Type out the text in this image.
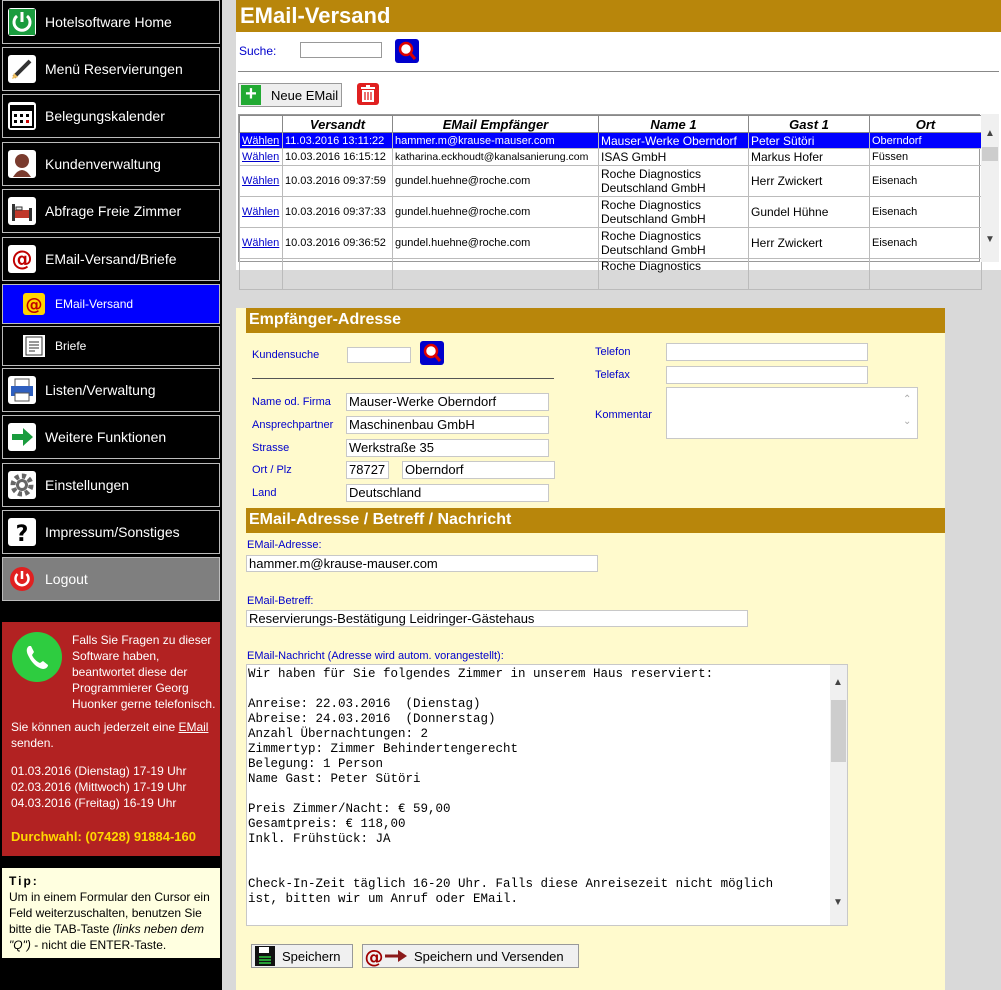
Hotelsoftware Home
Menü Reservierungen
Belegungskalender
Kundenverwaltung
Abfrage Freie Zimmer
@ EMail-Versand/Briefe
@ EMail-Versand
Briefe
Listen/Verwaltung
Weitere Funktionen
Einstellungen
? Impressum/Sonstiges
Logout
Falls Sie Fragen zu dieser Software haben, beantwortet diese der Programmierer Georg Huonker gerne telefonisch.
Sie können auch jederzeit eine EMail
senden.
01.03.2016 (Dienstag) 17-19 Uhr
02.03.2016 (Mittwoch) 17-19 Uhr
04.03.2016 (Freitag) 16-19 Uhr
Durchwahl: (07428) 91884-160
Tip:
Um in einem Formular den Cursor ein Feld weiterzuschalten, benutzen Sie bitte die TAB-Taste (links neben dem "Q") - nicht die ENTER-Taste.
EMail-Versand
Suche:
+	Neue EMail
	Versandt	EMail Empfänger	Name 1	Gast 1	Ort
Wählen	11.03.2016 13:11:22	hammer.m@krause-mauser.com	Mauser-Werke Oberndorf	Peter Sütöri	Oberndorf
Wählen	10.03.2016 16:15:12	katharina.eckhoudt@kanalsanierung.com	ISAS GmbH	Markus Hofer	Füssen
Wählen	10.03.2016 09:37:59	gundel.huehne@roche.com	Roche Diagnostics Deutschland GmbH	Herr Zwickert	Eisenach
Wählen	10.03.2016 09:37:33	gundel.huehne@roche.com	Roche Diagnostics Deutschland GmbH	Gundel Hühne	Eisenach
Wählen	10.03.2016 09:36:52	gundel.huehne@roche.com	Roche Diagnostics Deutschland GmbH	Herr Zwickert	Eisenach
			Roche Diagnostics		
▲
▼
Empfänger-Adresse
Kundensuche
Name od. Firma Mauser-Werke Oberndorf
Ansprechpartner Maschinenbau GmbH
Strasse	Werkstraße 35
Ort / Plz	78727 Oberndorf
Land	Deutschland
Telefon
Telefax
Kommentar
⌃
⌄
EMail-Adresse / Betreff / Nachricht
EMail-Adresse:
hammer.m@krause-mauser.com
EMail-Betreff:
Reservierungs-Bestätigung Leidringer-Gästehaus
EMail-Nachricht (Adresse wird autom. vorangestellt):
Wir haben für Sie folgendes Zimmer in unserem Haus reserviert:

Anreise: 22.03.2016  (Dienstag)
Abreise: 24.03.2016  (Donnerstag)
Anzahl Übernachtungen: 2
Zimmertyp: Zimmer Behindertengerecht
Belegung: 1 Person
Name Gast: Peter Sütöri

Preis Zimmer/Nacht: € 59,00
Gesamtpreis: € 118,00
Inkl. Frühstück: JA

Check-In-Zeit täglich 16-20 Uhr. Falls diese Anreisezeit nicht möglich
ist, bitten wir um Anruf oder EMail.
▲
▼
Speichern @ Speichern und Versenden
